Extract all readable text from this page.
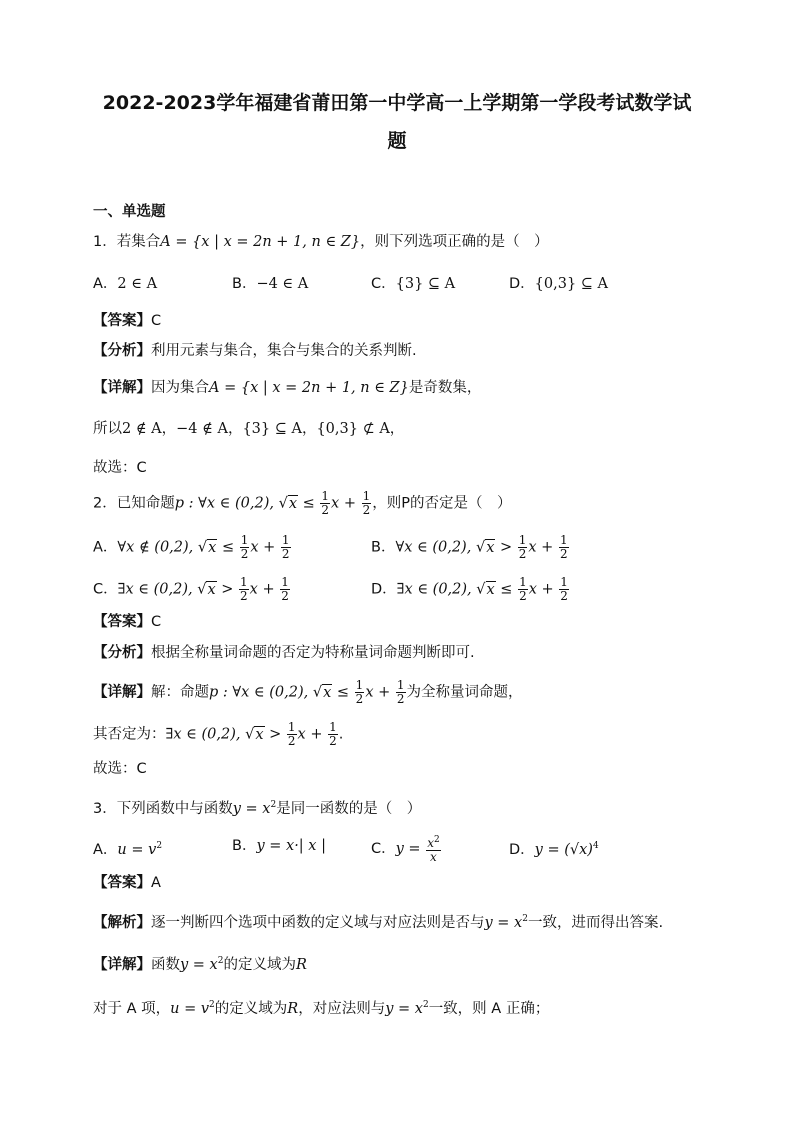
2022-2023学年福建省莆田第一中学高一上学期第一学段考试数学试
题
一、单选题
1．若集合A = {x | x = 2n + 1, n ∈ Z}，则下列选项正确的是（　）
A．2 ∈ A	B．−4 ∈ A	C．{3} ⊆ A	D．{0,3} ⊆ A
【答案】C
【分析】利用元素与集合，集合与集合的关系判断.
【详解】因为集合A = {x | x = 2n + 1, n ∈ Z}是奇数集，
所以2 ∉ A，−4 ∉ A，{3} ⊆ A，{0,3} ⊄ A，
故选：C
2．已知命题p : ∀x ∈ (0,2), $√x \le \frac{1}{2}$ $x + \frac{1}{2}$ ，则P的否定是（　）
A．∀x ∉ (0,2), $√x \le \frac{1}{2}$ $x + \frac{1}{2}$	B．∀x ∈ (0,2), $√x > \frac{1}{2}$ $x + \frac{1}{2}$
C．∃x ∈ (0,2), $√x > \frac{1}{2}$ $x + \frac{1}{2}$	D．∃x ∈ (0,2), $√x \le \frac{1}{2}$ $x + \frac{1}{2}$
【答案】C
【分析】根据全称量词命题的否定为特称量词命题判断即可.
【详解】解：命题p : ∀x ∈ (0,2), $√x \le \frac{1}{2}$ $x + \frac{1}{2}$ 为全称量词命题，
其否定为：∃x ∈ (0,2), $√x > \frac{1}{2}$ $x + \frac{1}{2}$ .
故选：C
3．下列函数中与函数$y = x^2$是同一函数的是（　）
A．$u = v^2$	B．y = x·| x |	C．$y = \frac{x^2}{x}$	D．$y = (√x)^4$
【答案】A
【解析】逐一判断四个选项中函数的定义域与对应法则是否与$y = x^2$一致，进而得出答案.
【详解】函数$y = x^2$的定义域为R
对于 A 项，$u = v^2$的定义域为R，对应法则与$y = x^2$一致，则 A 正确；
